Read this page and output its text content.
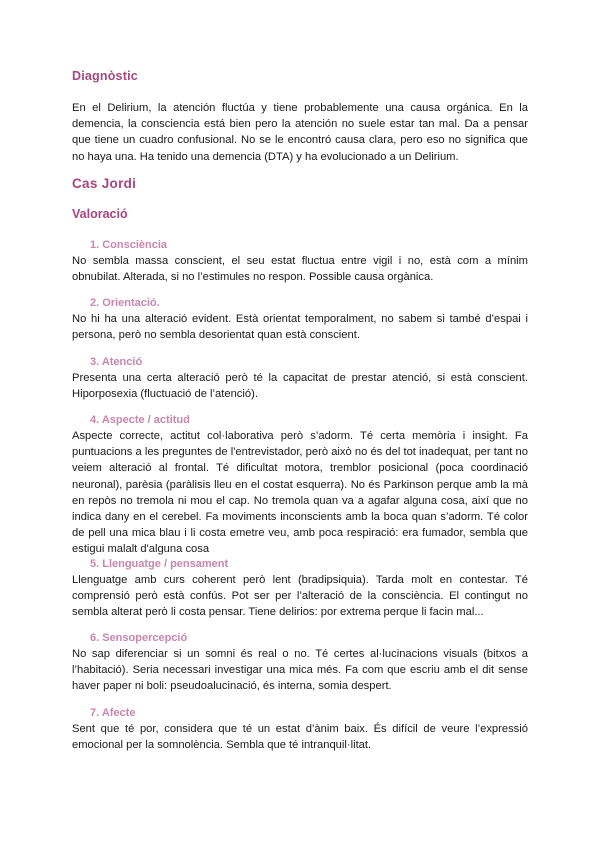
Diagnòstic

En el Delirium, la atención fluctúa y tiene probablemente una causa orgánica. En la demencia, la consciencia está bien pero la atención no suele estar tan mal. Da a pensar que tiene un cuadro confusional. No se le encontró causa clara, pero eso no significa que no haya una. Ha tenido una demencia (DTA) y ha evolucionado a un Delirium.

Cas Jordi
Valoració
1. Consciència

No sembla massa conscient, el seu estat fluctua entre vigil i no, està com a mínim obnubilat. Alterada, si no l’estimules no respon. Possible causa orgànica.

2. Orientació.

No hi ha una alteració evident. Està orientat temporalment, no sabem si també d’espai i persona, però no sembla desorientat quan està conscient.

3. Atenció

Presenta una certa alteració però té la capacitat de prestar atenció, si està conscient. Hiporposexia (fluctuació de l’atenció).

4. Aspecte / actitud

Aspecte correcte, actitut col·laborativa però s’adorm. Té certa memòria i insight. Fa puntuacions a les preguntes de l'entrevistador, però això no és del tot inadequat, per tant no veiem alteració al frontal. Té dificultat motora, tremblor posicional (poca coordinació neuronal), parèsia (paràlisis lleu en el costat esquerra). No és Parkinson perque amb la mà en repòs no tremola ni mou el cap. No tremola quan va a agafar alguna cosa, així que no indica dany en el cerebel. Fa moviments inconscients amb la boca quan s’adorm. Té color de pell una mica blau i li costa emetre veu, amb poca respiració: era fumador, sembla que estigui malalt d'alguna cosa

5. Llenguatge / pensament

Llenguatge amb curs coherent però lent (bradipsiquia). Tarda molt en contestar. Té comprensió però està confús. Pot ser per l’alteració de la consciència. El contingut no sembla alterat però li costa pensar. Tiene delirios: por extrema perque li facin mal...

6. Sensopercepció

No sap diferenciar si un somni és real o no. Té certes al·lucinacions visuals (bitxos a l’habitació). Seria necessari investigar una mica més. Fa com que escriu amb el dit sense haver paper ni boli: pseudoalucinació, és interna, somia despert.

7. Afecte

Sent que té por, considera que té un estat d’ànim baix. És difícil de veure l’expressió emocional per la somnolència. Sembla que té intranquil·litat.
